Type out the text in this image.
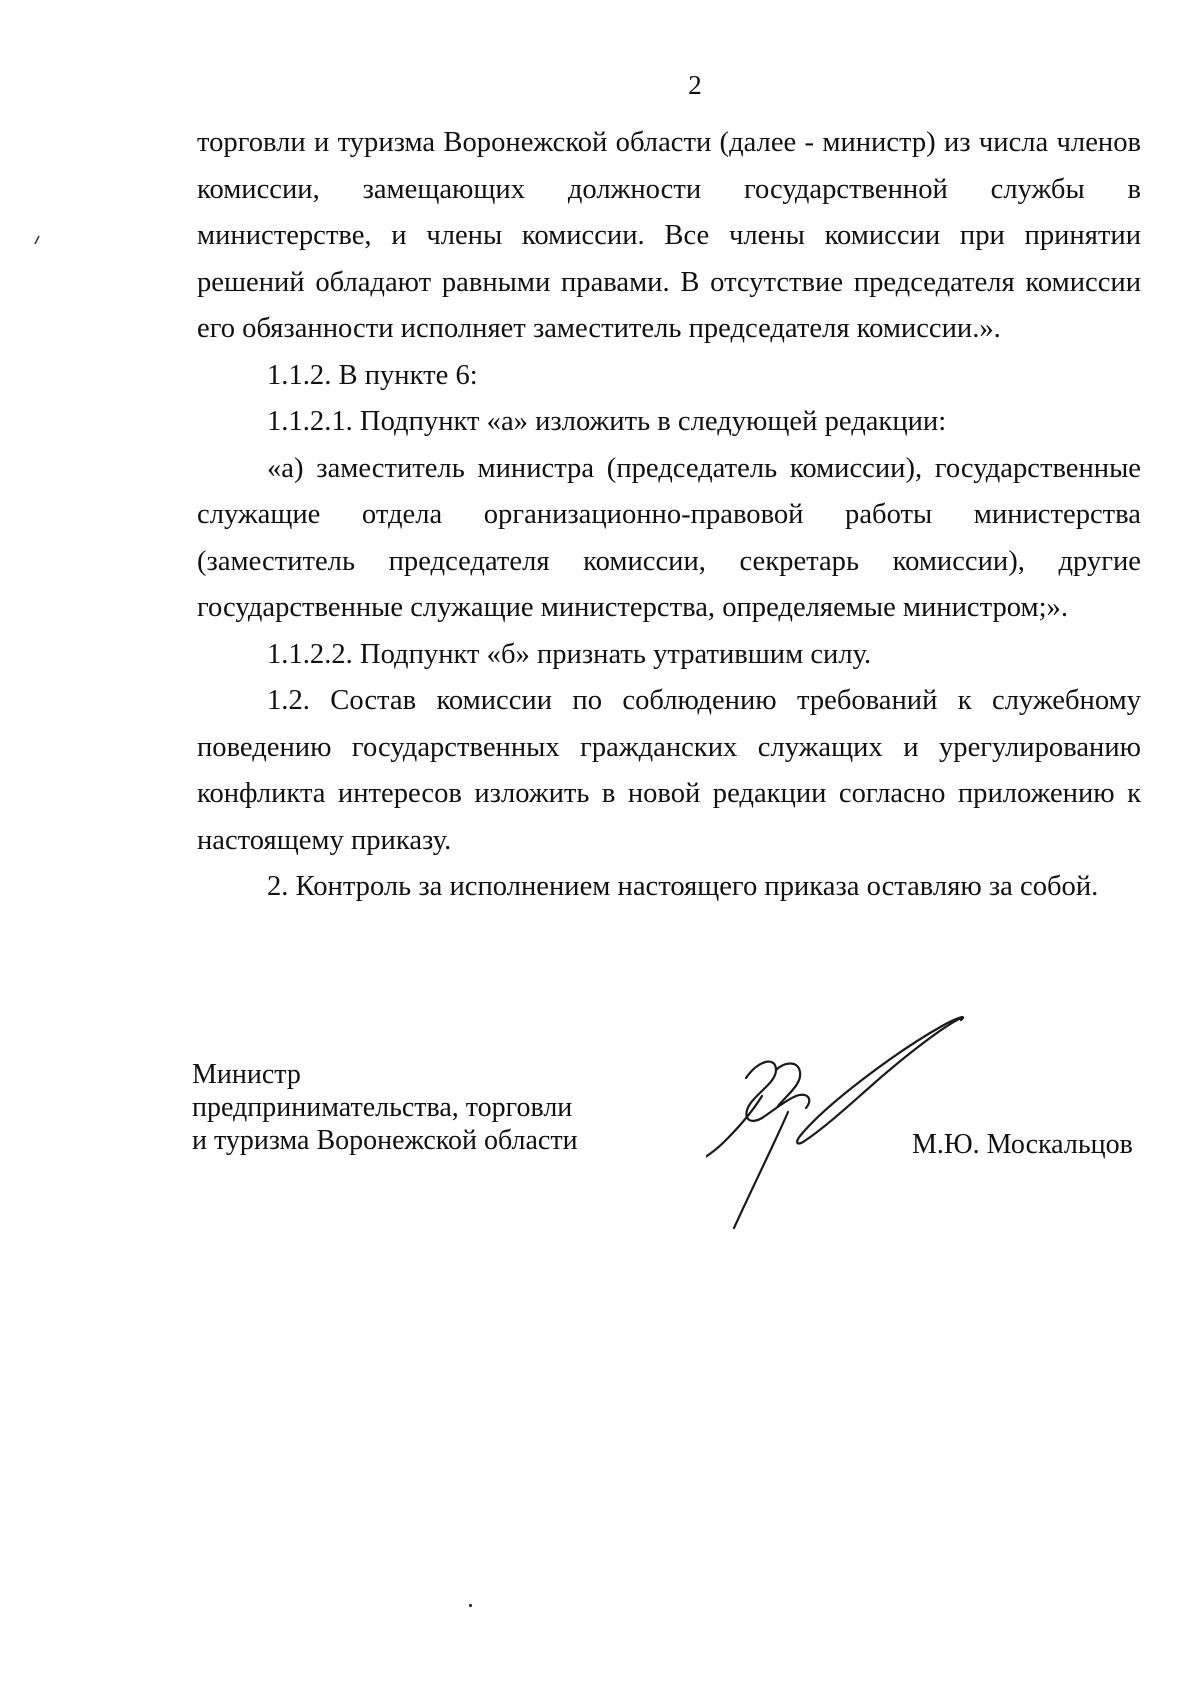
2

торговли и туризма Воронежской области (далее - министр) из числа членов комиссии, замещающих должности государственной службы в министерстве, и члены комиссии. Все члены комиссии при принятии решений обладают равными правами. В отсутствие председателя комиссии его обязанности исполняет заместитель председателя комиссии.».

1.1.2. В пункте 6:

1.1.2.1. Подпункт «а» изложить в следующей редакции:

«а) заместитель министра (председатель комиссии), государственные служащие отдела организационно-правовой работы министерства (заместитель председателя комиссии, секретарь комиссии), другие государственные служащие министерства, определяемые министром;».

1.1.2.2. Подпункт «б» признать утратившим силу.

1.2. Состав комиссии по соблюдению требований к служебному поведению государственных гражданских служащих и урегулированию конфликта интересов изложить в новой редакции согласно приложению к настоящему приказу.

2. Контроль за исполнением настоящего приказа оставляю за собой.

Министр
предпринимательства, торговли
и туризма Воронежской области	М.Ю. Москальцов
